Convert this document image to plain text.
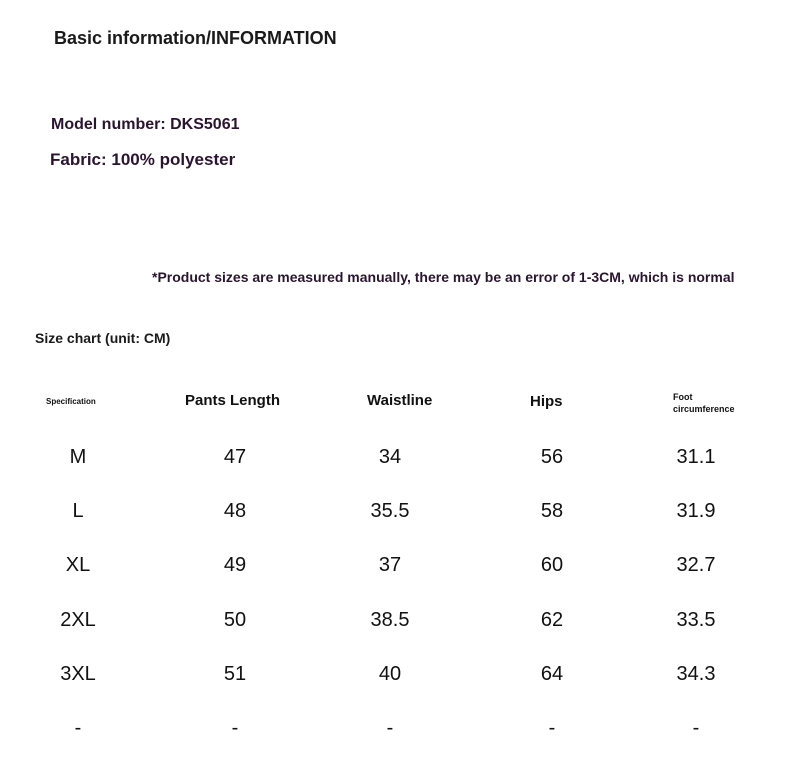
Basic information/INFORMATION
Model number: DKS5061
Fabric: 100% polyester
*Product sizes are measured manually, there may be an error of 1-3CM, which is normal
Size chart (unit: CM)
Specification	Pants Length	Waistline	Hips	Foot circumference
M	47	34	56	31.1
L	48	35.5	58	31.9
XL	49	37	60	32.7
2XL	50	38.5	62	33.5
3XL	51	40	64	34.3
-	-	-	-	-
